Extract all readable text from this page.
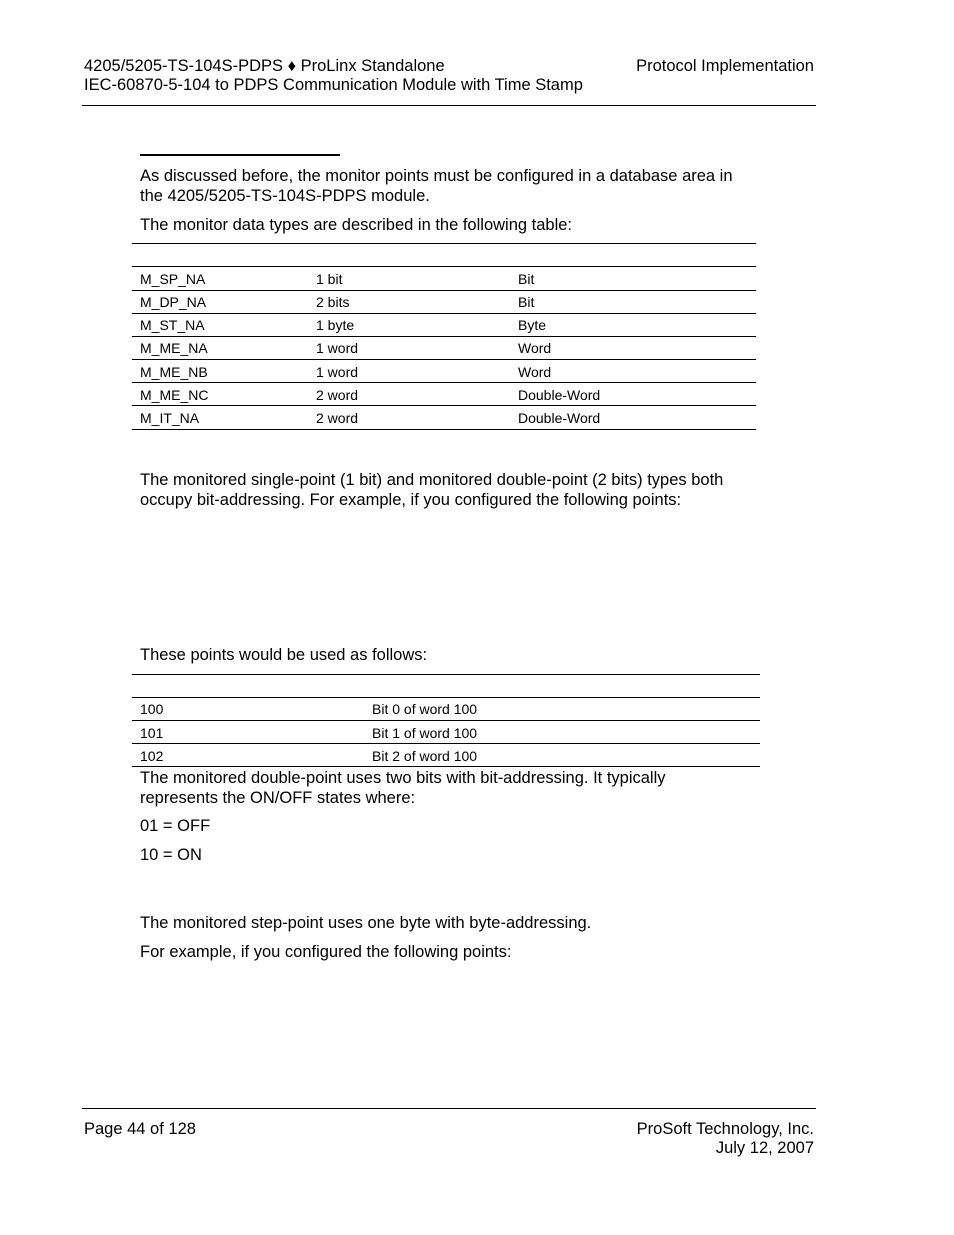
4205/5205-TS-104S-PDPS ♦ ProLinx Standalone
IEC-60870-5-104 to PDPS Communication Module with Time Stamp
Protocol Implementation
As discussed before, the monitor points must be configured in a database area in
the 4205/5205-TS-104S-PDPS module.
The monitor data types are described in the following table:
M_SP_NA	1 bit	Bit
M_DP_NA	2 bits	Bit
M_ST_NA	1 byte	Byte
M_ME_NA	1 word	Word
M_ME_NB	1 word	Word
M_ME_NC	2 word	Double-Word
M_IT_NA	2 word	Double-Word
The monitored single-point (1 bit) and monitored double-point (2 bits) types both
occupy bit-addressing. For example, if you configured the following points:
These points would be used as follows:
100	Bit 0 of word 100
101	Bit 1 of word 100
102	Bit 2 of word 100
The monitored double-point uses two bits with bit-addressing. It typically
represents the ON/OFF states where:
01 = OFF
10 = ON
The monitored step-point uses one byte with byte-addressing.
For example, if you configured the following points:
Page 44 of 128	ProSoft Technology, Inc.
July 12, 2007
